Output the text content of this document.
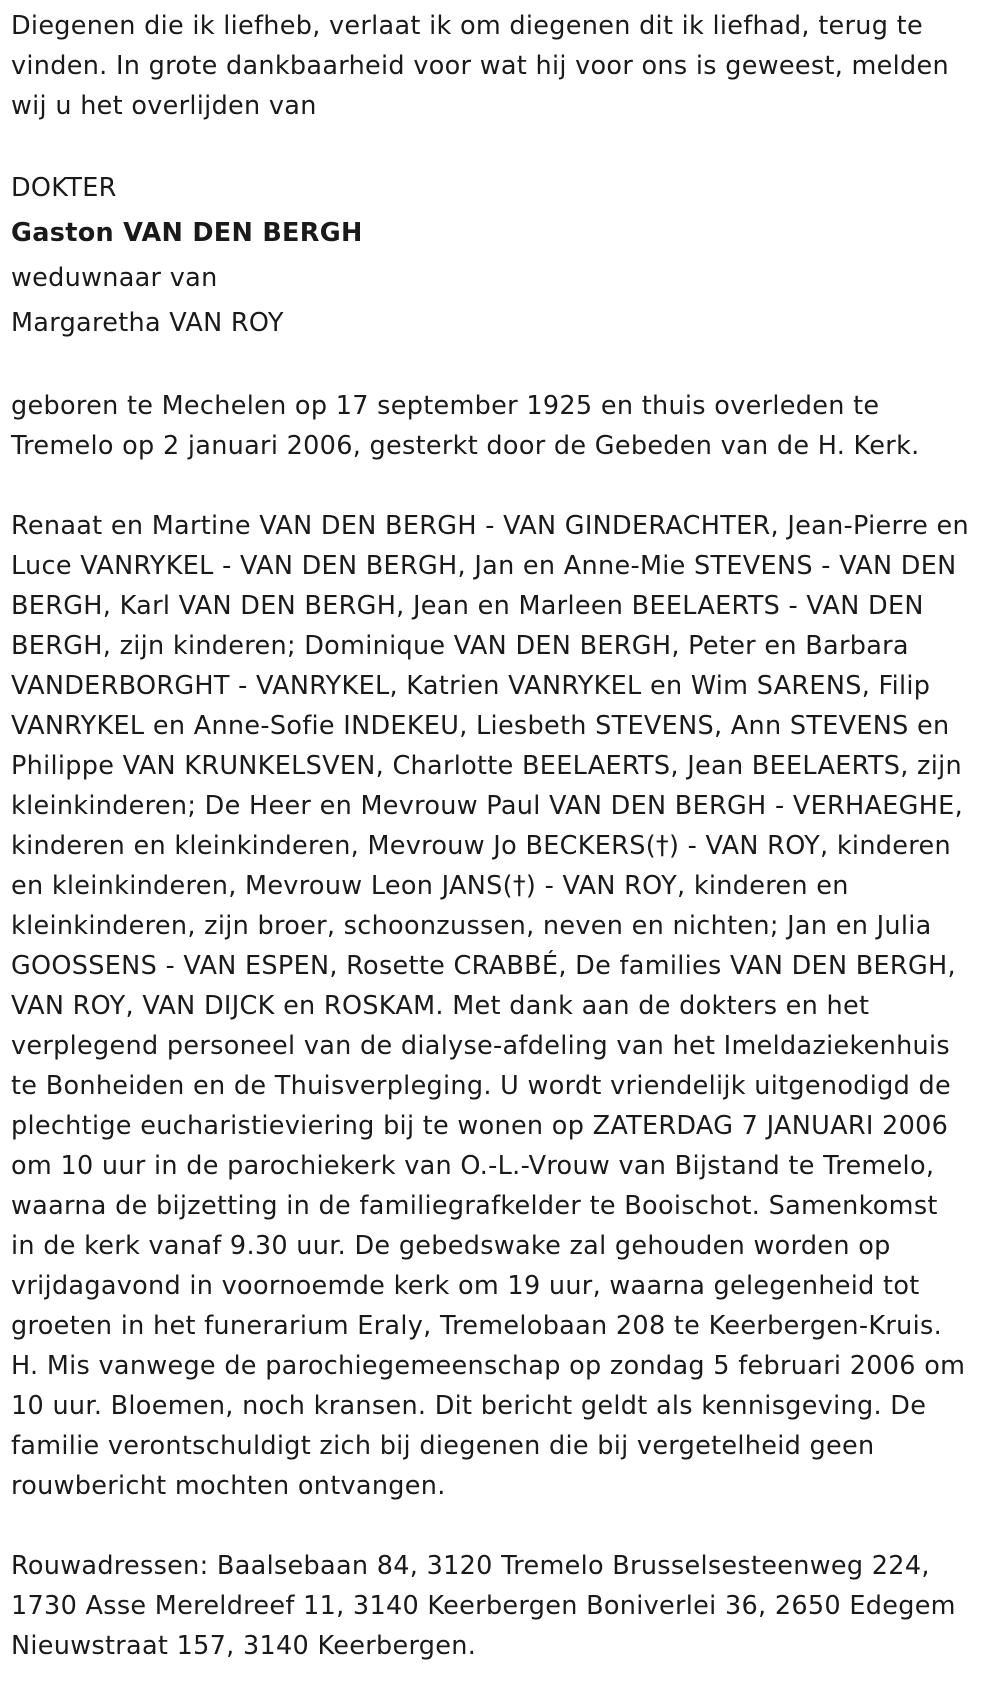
Diegenen die ik liefheb, verlaat ik om diegenen dit ik liefhad, terug te
vinden. In grote dankbaarheid voor wat hij voor ons is geweest, melden
wij u het overlijden van

DOKTER
Gaston VAN DEN BERGH
weduwnaar van
Margaretha VAN ROY

geboren te Mechelen op 17 september 1925 en thuis overleden te
Tremelo op 2 januari 2006, gesterkt door de Gebeden van de H. Kerk.

Renaat en Martine VAN DEN BERGH - VAN GINDERACHTER, Jean-Pierre en
Luce VANRYKEL - VAN DEN BERGH, Jan en Anne-Mie STEVENS - VAN DEN
BERGH, Karl VAN DEN BERGH, Jean en Marleen BEELAERTS - VAN DEN
BERGH, zijn kinderen; Dominique VAN DEN BERGH, Peter en Barbara
VANDERBORGHT - VANRYKEL, Katrien VANRYKEL en Wim SARENS, Filip
VANRYKEL en Anne-Sofie INDEKEU, Liesbeth STEVENS, Ann STEVENS en
Philippe VAN KRUNKELSVEN, Charlotte BEELAERTS, Jean BEELAERTS, zijn
kleinkinderen; De Heer en Mevrouw Paul VAN DEN BERGH - VERHAEGHE,
kinderen en kleinkinderen, Mevrouw Jo BECKERS(†) - VAN ROY, kinderen
en kleinkinderen, Mevrouw Leon JANS(†) - VAN ROY, kinderen en
kleinkinderen, zijn broer, schoonzussen, neven en nichten; Jan en Julia
GOOSSENS - VAN ESPEN, Rosette CRABBÉ, De families VAN DEN BERGH,
VAN ROY, VAN DIJCK en ROSKAM. Met dank aan de dokters en het
verplegend personeel van de dialyse-afdeling van het Imeldaziekenhuis
te Bonheiden en de Thuisverpleging. U wordt vriendelijk uitgenodigd de
plechtige eucharistieviering bij te wonen op ZATERDAG 7 JANUARI 2006
om 10 uur in de parochiekerk van O.-L.-Vrouw van Bijstand te Tremelo,
waarna de bijzetting in de familiegrafkelder te Booischot. Samenkomst
in de kerk vanaf 9.30 uur. De gebedswake zal gehouden worden op
vrijdagavond in voornoemde kerk om 19 uur, waarna gelegenheid tot
groeten in het funerarium Eraly, Tremelobaan 208 te Keerbergen-Kruis.
H. Mis vanwege de parochiegemeenschap op zondag 5 februari 2006 om
10 uur. Bloemen, noch kransen. Dit bericht geldt als kennisgeving. De
familie verontschuldigt zich bij diegenen die bij vergetelheid geen
rouwbericht mochten ontvangen.

Rouwadressen: Baalsebaan 84, 3120 Tremelo Brusselsesteenweg 224,
1730 Asse Mereldreef 11, 3140 Keerbergen Boniverlei 36, 2650 Edegem
Nieuwstraat 157, 3140 Keerbergen.
